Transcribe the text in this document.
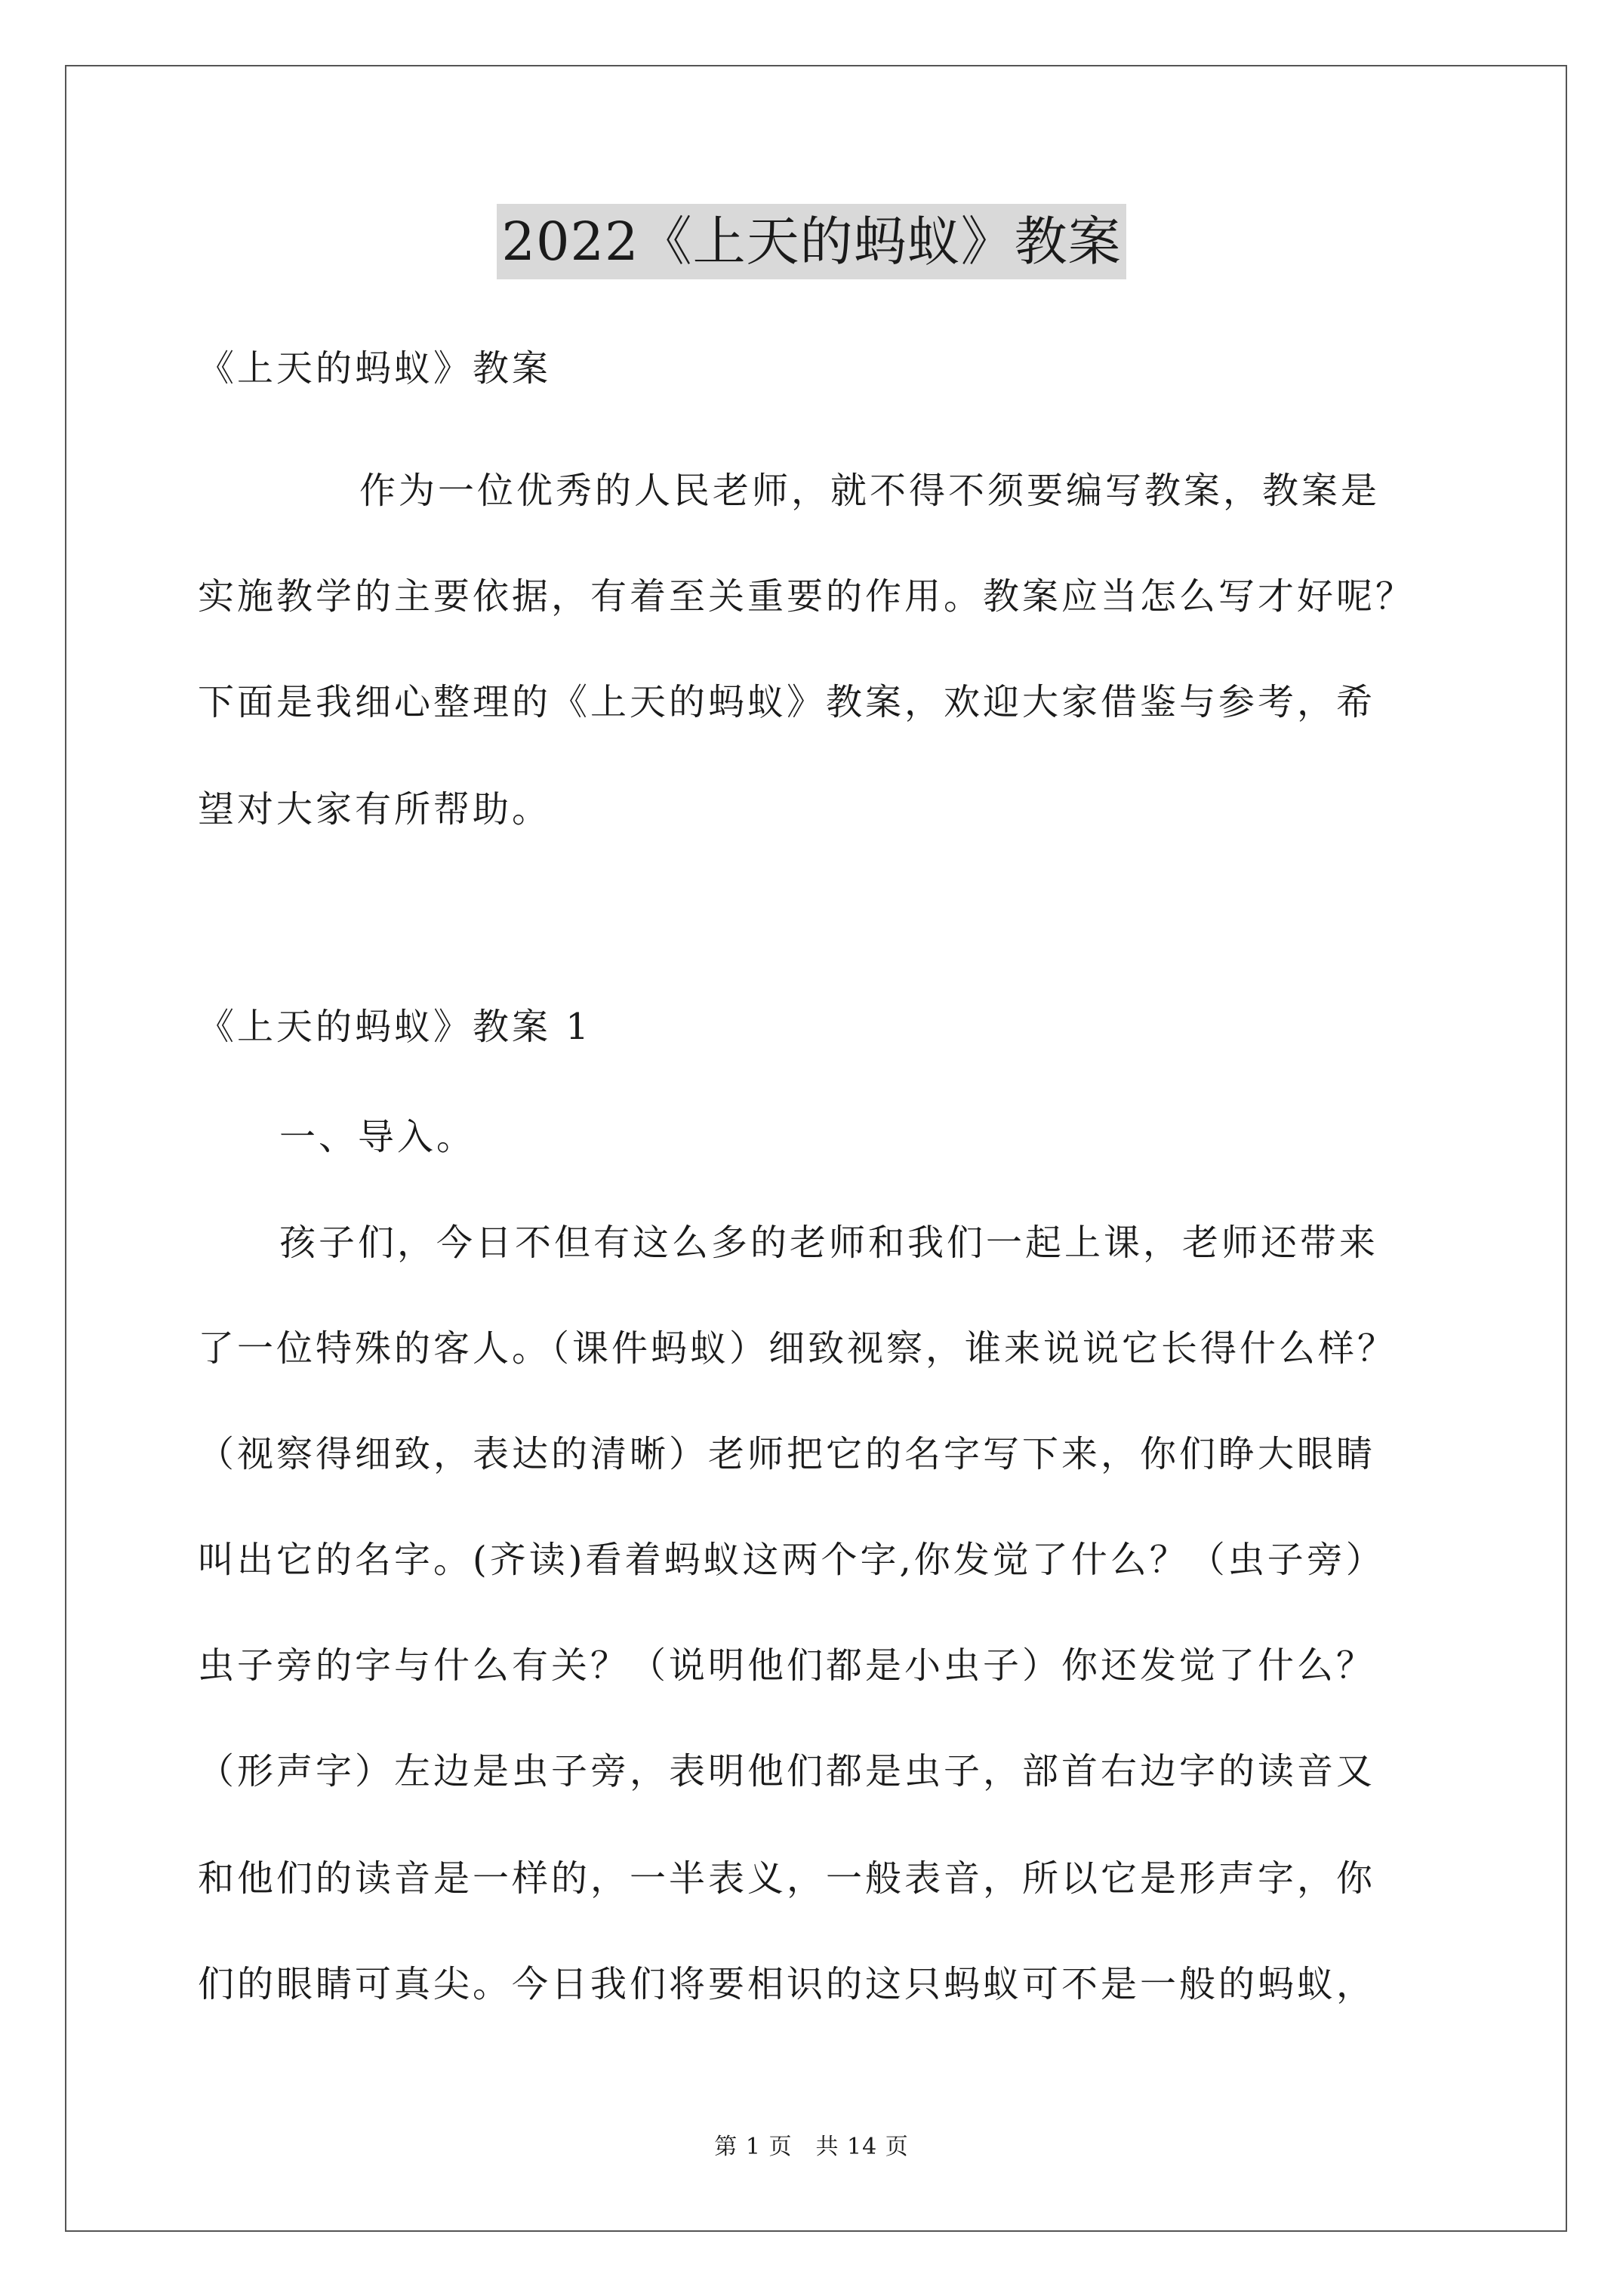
2022《上天的蚂蚁》教案
《上天的蚂蚁》教案
作为一位优秀的人民老师，就不得不须要编写教案，教案是
实施教学的主要依据，有着至关重要的作用。教案应当怎么写才好呢？
下面是我细心整理的《上天的蚂蚁》教案，欢迎大家借鉴与参考，希
望对大家有所帮助。
《上天的蚂蚁》教案 1
一、导入。
孩子们，今日不但有这么多的老师和我们一起上课，老师还带来
了一位特殊的客人。（课件蚂蚁）细致视察，谁来说说它长得什么样？
（视察得细致，表达的清晰）老师把它的名字写下来，你们睁大眼睛
叫出它的名字。(齐读)看着蚂蚁这两个字,你发觉了什么？（虫子旁）
虫子旁的字与什么有关？（说明他们都是小虫子）你还发觉了什么？
（形声字）左边是虫子旁，表明他们都是虫子，部首右边字的读音又
和他们的读音是一样的，一半表义，一般表音，所以它是形声字，你
们的眼睛可真尖。今日我们将要相识的这只蚂蚁可不是一般的蚂蚁，
第 1 页　共 14 页
